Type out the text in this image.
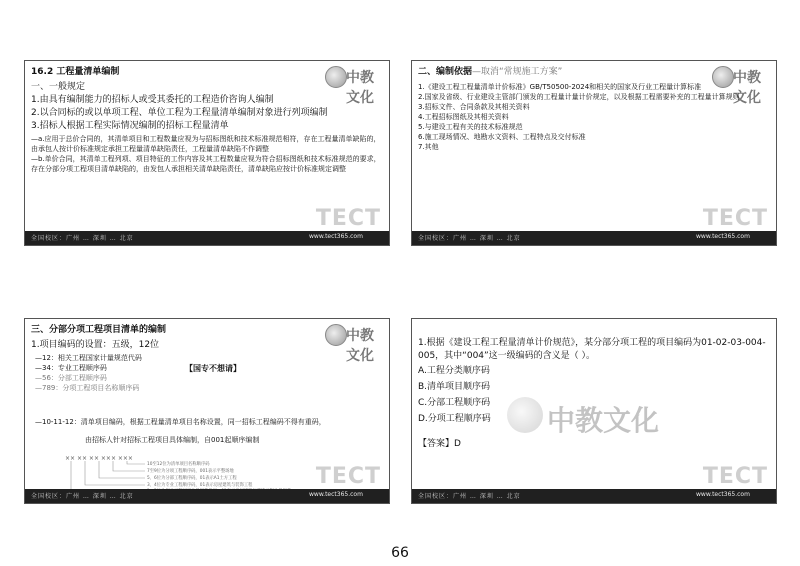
中教文化
16.2 工程量清单编制
一、一般规定
1.由具有编制能力的招标人或受其委托的工程造价咨询人编制
2.以合同标的或以单项工程、单位工程为工程量清单编制对象进行列项编制
3.招标人根据工程实际情况编制的招标工程量清单
—a.应用于总价合同的，其清单项目和工程数量应视为与招标图纸和技术标准规范相符，存在工程量清单缺陷的，由承包人按计价标准规定承担工程量清单缺陷责任，工程量清单缺陷不作调整
—b.单价合同，其清单工程列项、项目特征的工作内容及其工程数量应视为符合招标图纸和技术标准规范的要求，存在分部分项工程项目清单缺陷的，由发包人承担相关清单缺陷责任，清单缺陷应按计价标准规定调整
TECT
全国校区：广州 … 深圳 … 北京	www.tect365.com
中教文化
二、编制依据—取消“常规施工方案”
1.《建设工程工程量清单计价标准》GB/T50500-2024和相关的国家及行业工程量计算标准
2.国家及省级、行业建设主管部门颁发的工程量计量计价规定，以及根据工程需要补充的工程量计算规则
3.招标文件、合同条款及其相关资料
4.工程招标图纸及其相关资料
5.与建设工程有关的技术标准规范
6.施工现场情况、地勘水文资料、工程特点及交付标准
7.其他
TECT
全国校区：广州 … 深圳 … 北京	www.tect365.com
中教文化
三、分部分项工程项目清单的编制
1.项目编码的设置：五级，12位
—12：相关工程国家计量规范代码
—34：专业工程顺序码
—56：分部工程顺序码
—789：分项工程项目名称顺序码
—10-11-12：清单项目编码，根据工程量清单项目名称设置，同一招标工程编码不得有重码，
由招标人针对招标工程项目具体编制，自001起顺序编制
【国专不想请】
×× ×× ×× ××× ×××
10至12位为清单项目名称顺序码
7至9位为分项工程顺序码，001表示平整场地
5、6位为分部工程顺序码，01表示A1土方工程
3、4位为专业工程顺序码，01表示房屋建筑与装饰工程	TECT
全国校区：广州 … 深圳 … 北京	www.tect365.com
中教文化
1.根据《建设工程工程量清单计价规范》，某分部分项工程的项目编码为01-02-03-004-005，其中“004”这一级编码的含义是（ ）。
A.工程分类顺序码
B.清单项目顺序码
C.分部工程顺序码
D.分项工程顺序码
【答案】D
TECT
全国校区：广州 … 深圳 … 北京	www.tect365.com
66
